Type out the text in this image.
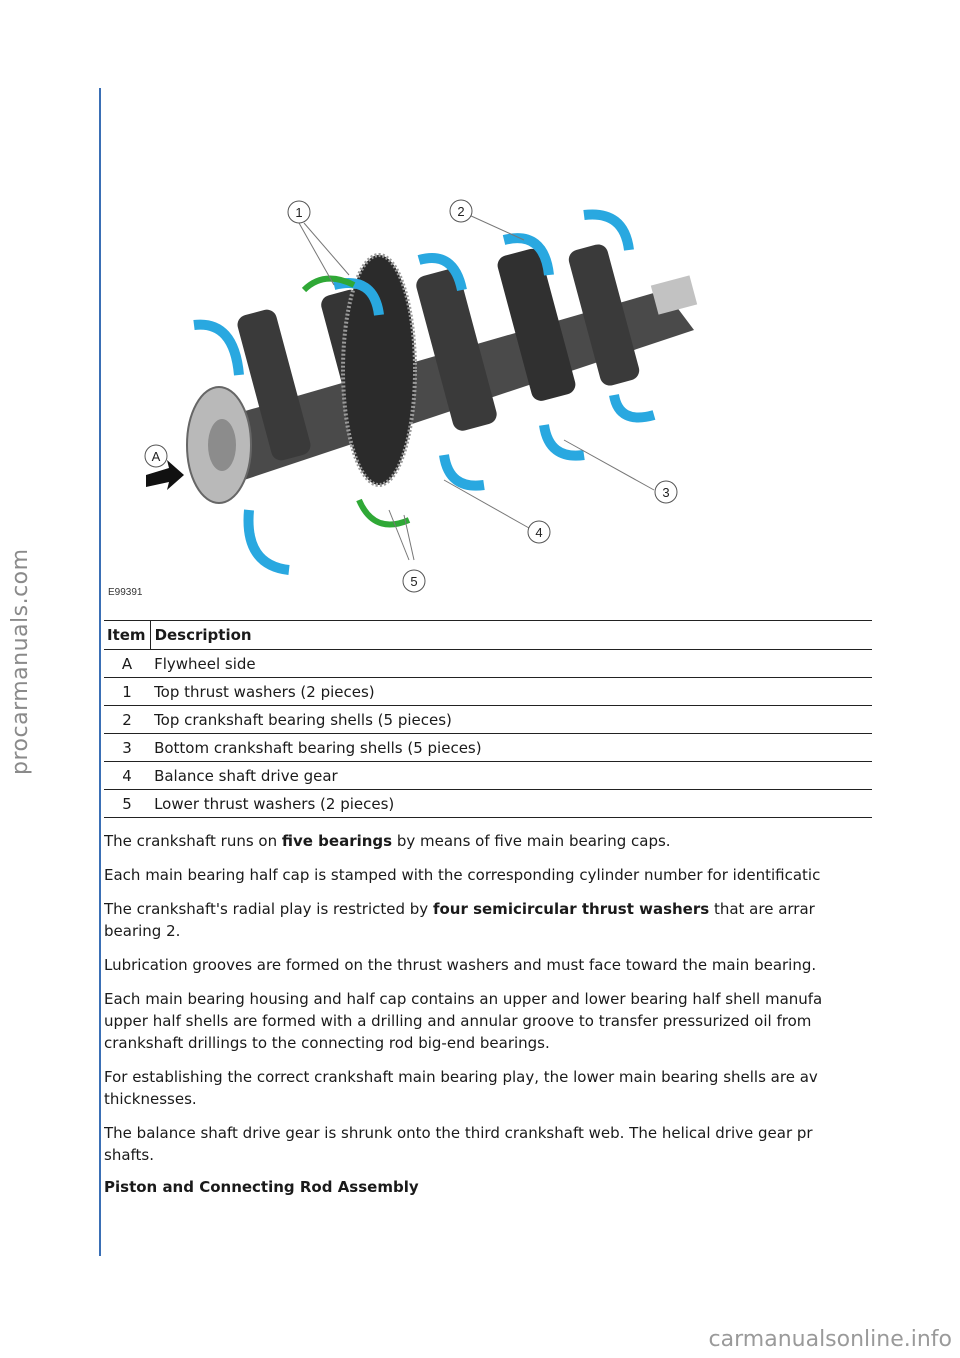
procarmanuals.com
1	2
3
4
5
A
E99391
Item	Description
A	Flywheel side
1	Top thrust washers (2 pieces)
2	Top crankshaft bearing shells (5 pieces)
3	Bottom crankshaft bearing shells (5 pieces)
4	Balance shaft drive gear
5	Lower thrust washers (2 pieces)

The crankshaft runs on five bearings by means of five main bearing caps.

Each main bearing half cap is stamped with the corresponding cylinder number for identificatic

The crankshaft's radial play is restricted by four semicircular thrust washers that are arrar
bearing 2.

Lubrication grooves are formed on the thrust washers and must face toward the main bearing.

Each main bearing housing and half cap contains an upper and lower bearing half shell manufa
upper half shells are formed with a drilling and annular groove to transfer pressurized oil from
crankshaft drillings to the connecting rod big-end bearings.

For establishing the correct crankshaft main bearing play, the lower main bearing shells are av
thicknesses.

The balance shaft drive gear is shrunk onto the third crankshaft web. The helical drive gear pr
shafts.

Piston and Connecting Rod Assembly
carmanualsonline.info
